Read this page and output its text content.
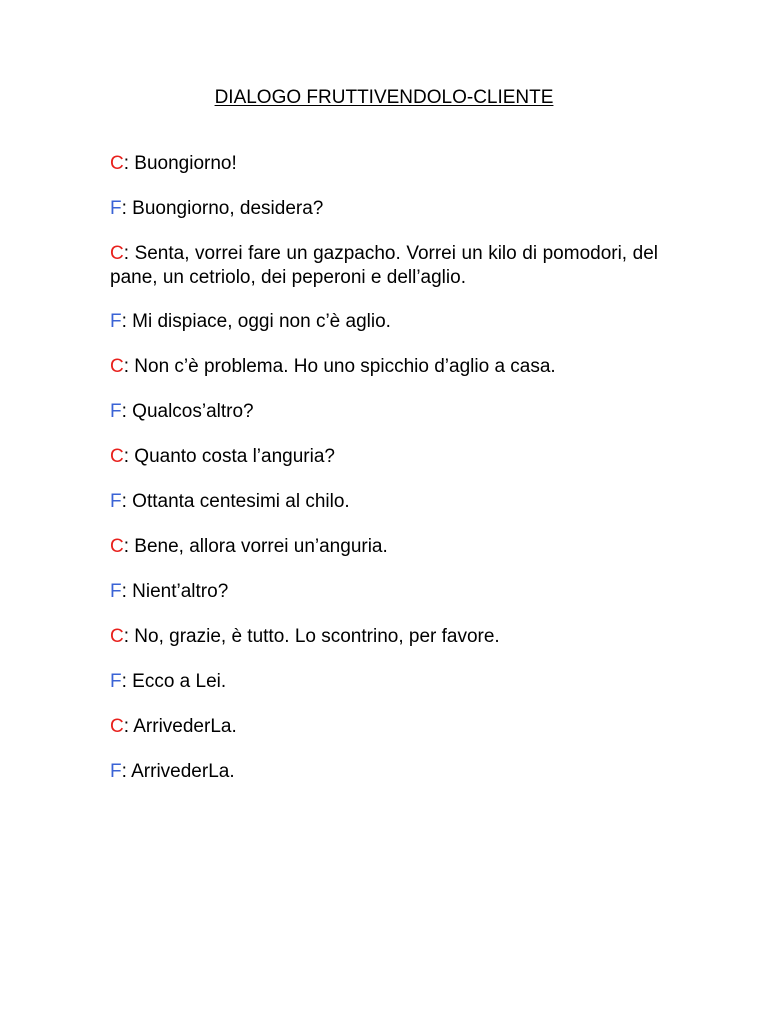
DIALOGO FRUTTIVENDOLO-CLIENTE

C: Buongiorno!

F: Buongiorno, desidera?

C: Senta, vorrei fare un gazpacho. Vorrei un kilo di pomodori, del pane, un cetriolo, dei peperoni e dell’aglio.

F: Mi dispiace, oggi non c’è aglio.

C: Non c’è problema. Ho uno spicchio d’aglio a casa.

F: Qualcos’altro?

C: Quanto costa l’anguria?

F: Ottanta centesimi al chilo.

C: Bene, allora vorrei un’anguria.

F: Nient’altro?

C: No, grazie, è tutto. Lo scontrino, per favore.

F: Ecco a Lei.

C: ArrivederLa.

F: ArrivederLa.
